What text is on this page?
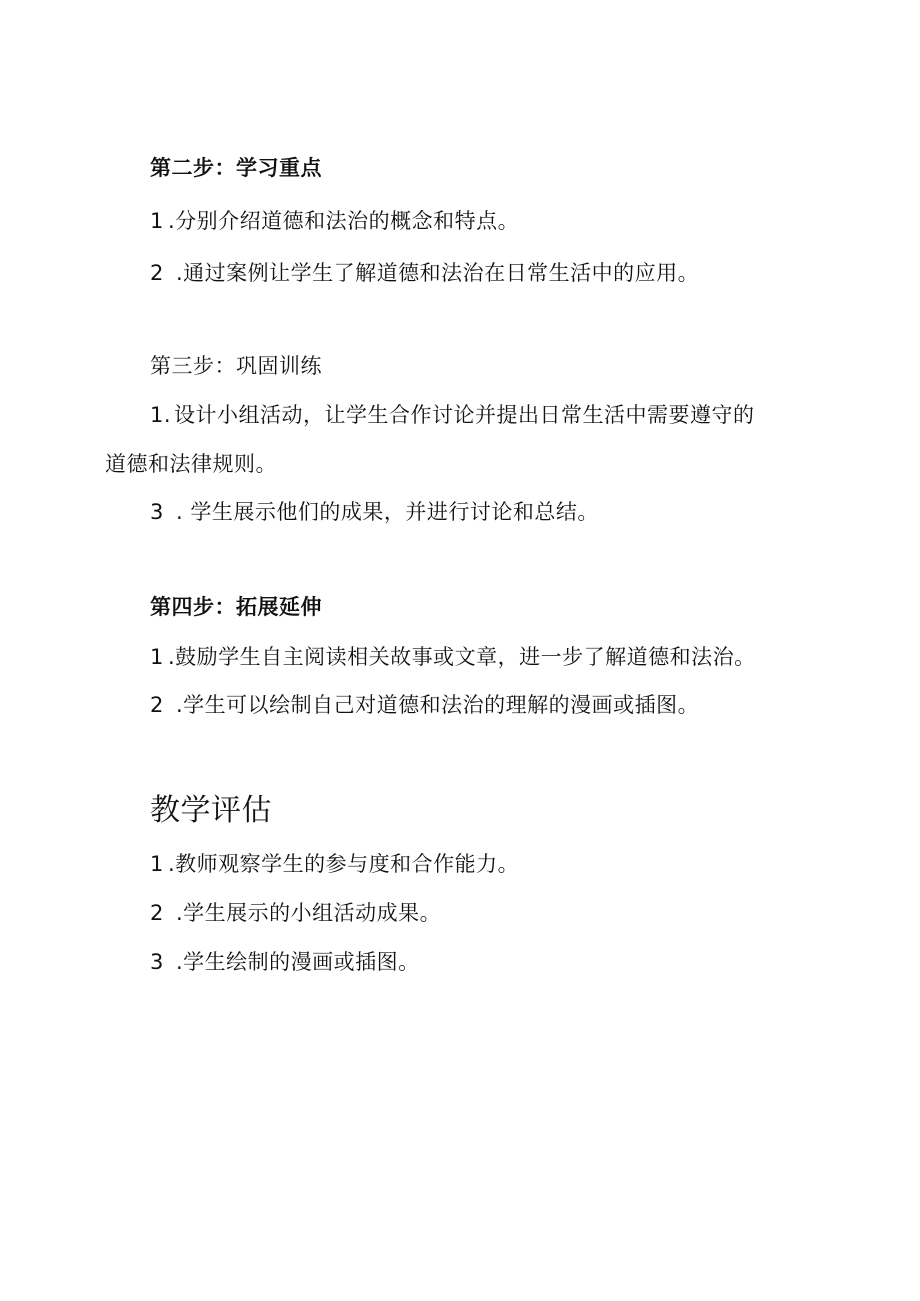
第二步：学习重点
1 .分别介绍道德和法治的概念和特点。
2 .通过案例让学生了解道德和法治在日常生活中的应用。
第三步：巩固训练
1. 设计小组活动，让学生合作讨论并提出日常生活中需要遵守的
道德和法律规则。
3 . 学生展示他们的成果，并进行讨论和总结。
第四步：拓展延伸
1 .鼓励学生自主阅读相关故事或文章，进一步了解道德和法治。
2 .学生可以绘制自己对道德和法治的理解的漫画或插图。
教学评估
1 .教师观察学生的参与度和合作能力。
2 .学生展示的小组活动成果。
3 .学生绘制的漫画或插图。
